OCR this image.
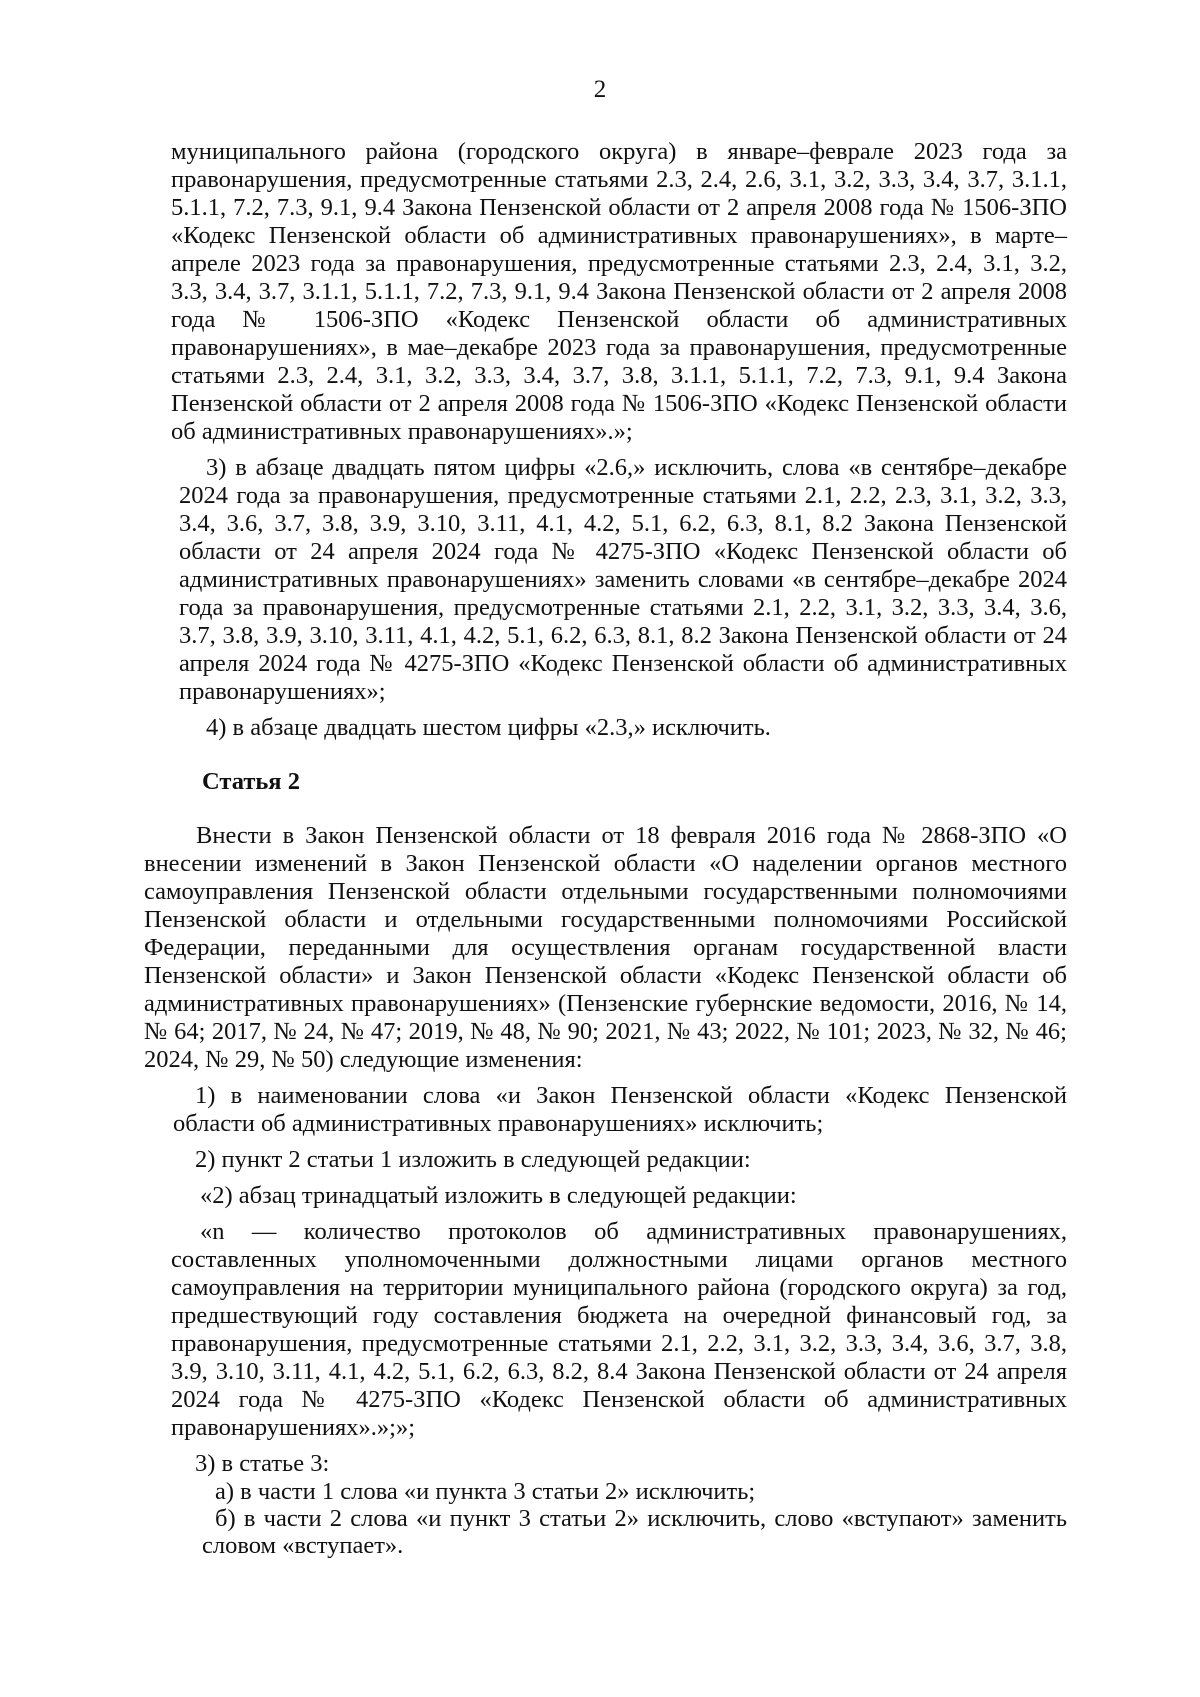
2

муниципального района (городского округа) в январе–феврале 2023 года за правонарушения, предусмотренные статьями 2.3, 2.4, 2.6, 3.1, 3.2, 3.3, 3.4, 3.7, 3.1.1, 5.1.1, 7.2, 7.3, 9.1, 9.4 Закона Пензенской области от 2 апреля 2008 года № 1506-ЗПО «Кодекс Пензенской области об административных правонарушениях», в марте–апреле 2023 года за правонарушения, предусмотренные статьями 2.3, 2.4, 3.1, 3.2, 3.3, 3.4, 3.7, 3.1.1, 5.1.1, 7.2, 7.3, 9.1, 9.4 Закона Пензенской области от 2 апреля 2008 года № 1506-ЗПО «Кодекс Пензенской области об административных правонарушениях», в мае–декабре 2023 года за правонарушения, предусмотренные статьями 2.3, 2.4, 3.1, 3.2, 3.3, 3.4, 3.7, 3.8, 3.1.1, 5.1.1, 7.2, 7.3, 9.1, 9.4 Закона Пензенской области от 2 апреля 2008 года № 1506-ЗПО «Кодекс Пензенской области об административных правонарушениях».»;

3) в абзаце двадцать пятом цифры «2.6,» исключить, слова «в сентябре–декабре 2024 года за правонарушения, предусмотренные статьями 2.1, 2.2, 2.3, 3.1, 3.2, 3.3, 3.4, 3.6, 3.7, 3.8, 3.9, 3.10, 3.11, 4.1, 4.2, 5.1, 6.2, 6.3, 8.1, 8.2 Закона Пензенской области от 24 апреля 2024 года № 4275-ЗПО «Кодекс Пензенской области об административных правонарушениях» заменить словами «в сентябре–декабре 2024 года за правонарушения, предусмотренные статьями 2.1, 2.2, 3.1, 3.2, 3.3, 3.4, 3.6, 3.7, 3.8, 3.9, 3.10, 3.11, 4.1, 4.2, 5.1, 6.2, 6.3, 8.1, 8.2 Закона Пензенской области от 24 апреля 2024 года № 4275-ЗПО «Кодекс Пензенской области об административных правонарушениях»;

4) в абзаце двадцать шестом цифры «2.3,» исключить.

Статья 2

Внести в Закон Пензенской области от 18 февраля 2016 года № 2868-ЗПО «О внесении изменений в Закон Пензенской области «О наделении органов местного самоуправления Пензенской области отдельными государственными полномочиями Пензенской области и отдельными государственными полномочиями Российской Федерации, переданными для осуществления органам государственной власти Пензенской области» и Закон Пензенской области «Кодекс Пензенской области об административных правонарушениях» (Пензенские губернские ведомости, 2016, № 14, № 64; 2017, № 24, № 47; 2019, № 48, № 90; 2021, № 43; 2022, № 101; 2023, № 32, № 46; 2024, № 29, № 50) следующие изменения:

1) в наименовании слова «и Закон Пензенской области «Кодекс Пензенской области об административных правонарушениях» исключить;

2) пункт 2 статьи 1 изложить в следующей редакции:

«2) абзац тринадцатый изложить в следующей редакции:

«n — количество протоколов об административных правонарушениях, составленных уполномоченными должностными лицами органов местного самоуправления на территории муниципального района (городского округа) за год, предшествующий году составления бюджета на очередной финансовый год, за правонарушения, предусмотренные статьями 2.1, 2.2, 3.1, 3.2, 3.3, 3.4, 3.6, 3.7, 3.8, 3.9, 3.10, 3.11, 4.1, 4.2, 5.1, 6.2, 6.3, 8.2, 8.4 Закона Пензенской области от 24 апреля 2024 года № 4275-ЗПО «Кодекс Пензенской области об административных правонарушениях».»;»;

3) в статье 3:

а) в части 1 слова «и пункта 3 статьи 2» исключить;

б) в части 2 слова «и пункт 3 статьи 2» исключить, слово «вступают» заменить словом «вступает».
